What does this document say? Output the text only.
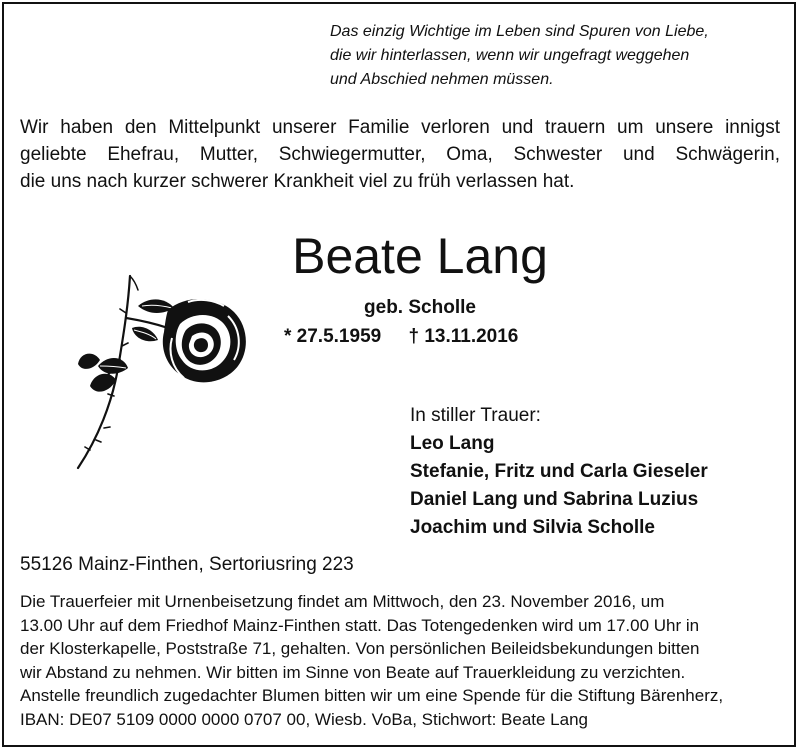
Das einzig Wichtige im Leben sind Spuren von Liebe,
die wir hinterlassen, wenn wir ungefragt weggehen
und Abschied nehmen müssen.
Wir haben den Mittelpunkt unserer Familie verloren und trauern um unsere innigst
geliebte Ehefrau, Mutter, Schwiegermutter, Oma, Schwester und Schwägerin,
die uns nach kurzer schwerer Krankheit viel zu früh verlassen hat.
Beate Lang
geb. Scholle
* 27.5.1959 † 13.11.2016
In stiller Trauer:
Leo Lang
Stefanie, Fritz und Carla Gieseler
Daniel Lang und Sabrina Luzius
Joachim und Silvia Scholle
55126 Mainz-Finthen, Sertoriusring 223
Die Trauerfeier mit Urnenbeisetzung findet am Mittwoch, den 23. November 2016, um
13.00 Uhr auf dem Friedhof Mainz-Finthen statt. Das Totengedenken wird um 17.00 Uhr in
der Klosterkapelle, Poststraße 71, gehalten. Von persönlichen Beileidsbekundungen bitten
wir Abstand zu nehmen. Wir bitten im Sinne von Beate auf Trauerkleidung zu verzichten.
Anstelle freundlich zugedachter Blumen bitten wir um eine Spende für die Stiftung Bärenherz,
IBAN: DE07 5109 0000 0000 0707 00, Wiesb. VoBa, Stichwort: Beate Lang
